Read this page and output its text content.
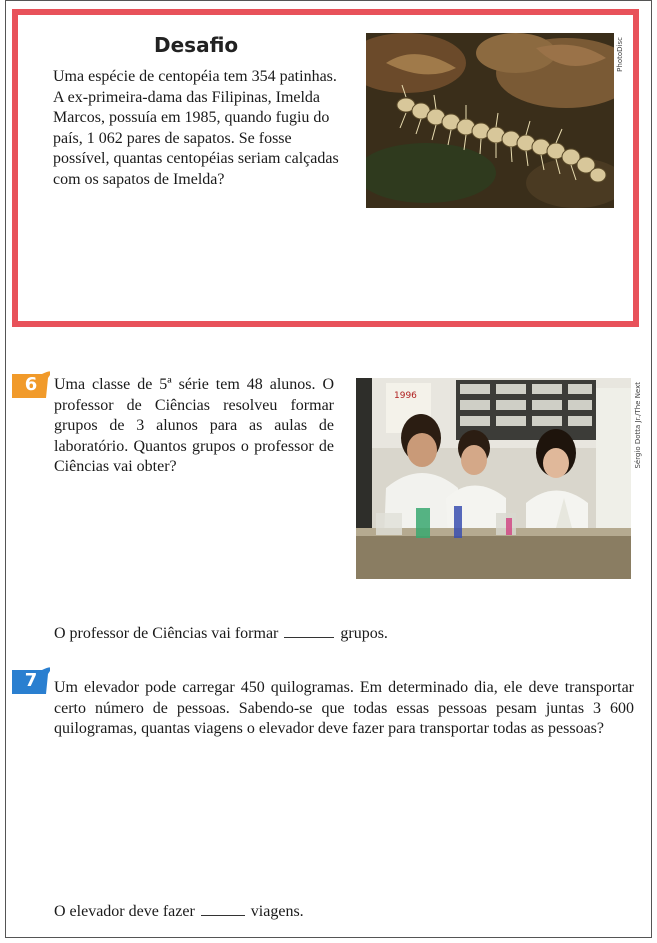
Desafio
Uma espécie de centopéia tem 354 patinhas. A ex-primeira-dama das Filipinas, Imelda Marcos, possuía em 1985, quando fugiu do país, 1 062 pares de sapatos. Se fosse possível, quantas centopéias seriam calçadas com os sapatos de Imelda?
PhotoDisc
6 Uma classe de 5ª série tem 48 alunos. O professor de Ciências resolveu formar grupos de 3 alunos para as aulas de laboratório. Quantos grupos o professor de Ciências vai obter?
1996	Sérgio Dotta Jr./The Next
O professor de Ciências vai formar	grupos.
7 Um elevador pode carregar 450 quilogramas. Em determinado dia, ele deve transportar certo número de pessoas. Sabendo-se que todas essas pessoas pesam juntas 3 600 quilogramas, quantas viagens o elevador deve fazer para transportar todas as pessoas?
O elevador deve fazer	viagens.
